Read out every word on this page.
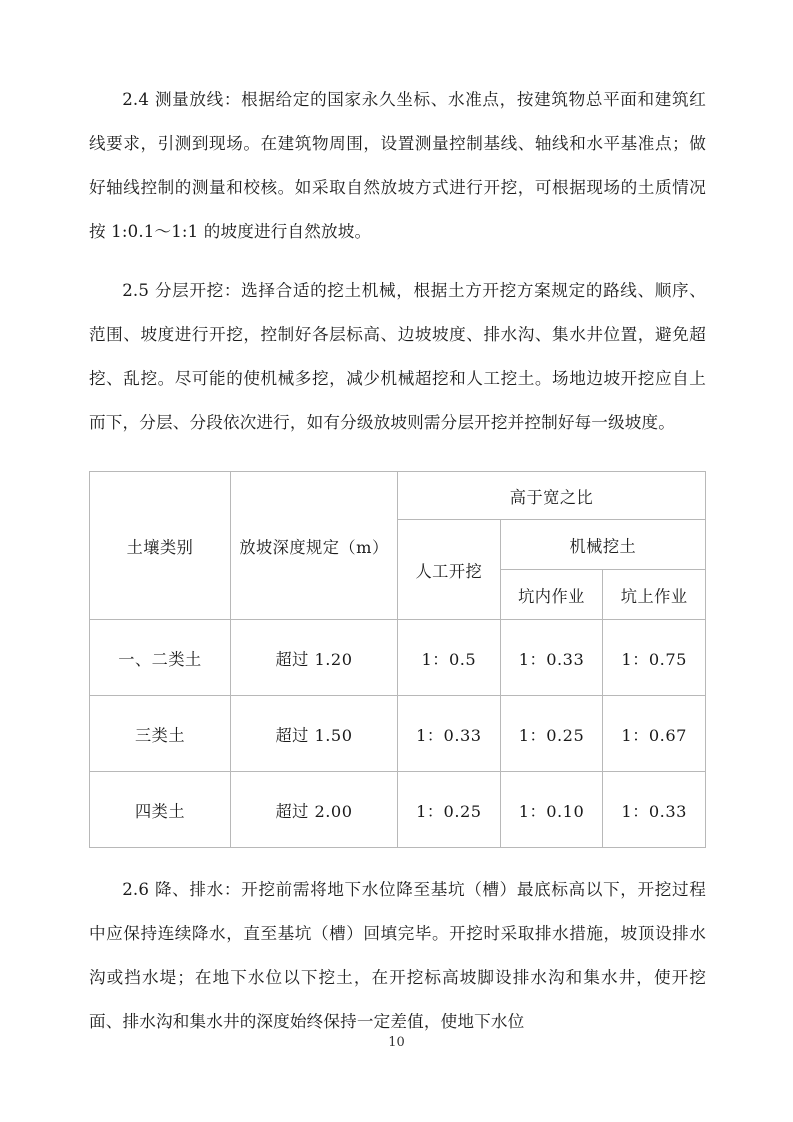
2.4 测量放线：根据给定的国家永久坐标、水准点，按建筑物总平面和建筑红线要求，引测到现场。在建筑物周围，设置测量控制基线、轴线和水平基准点；做好轴线控制的测量和校核。如采取自然放坡方式进行开挖，可根据现场的土质情况按 1:0.1～1:1 的坡度进行自然放坡。

2.5 分层开挖：选择合适的挖土机械，根据土方开挖方案规定的路线、顺序、范围、坡度进行开挖，控制好各层标高、边坡坡度、排水沟、集水井位置，避免超挖、乱挖。尽可能的使机械多挖，减少机械超挖和人工挖土。场地边坡开挖应自上而下，分层、分段依次进行，如有分级放坡则需分层开挖并控制好每一级坡度。

土壤类别	放坡深度规定（m）	高于宽之比		
		人工开挖	机械挖土	
			坑内作业	坑上作业
一、二类土	超过 1.20	1：0.5	1：0.33	1：0.75
三类土	超过 1.50	1：0.33	1：0.25	1：0.67
四类土	超过 2.00	1：0.25	1：0.10	1：0.33

2.6 降、排水：开挖前需将地下水位降至基坑（槽）最底标高以下，开挖过程中应保持连续降水，直至基坑（槽）回填完毕。开挖时采取排水措施，坡顶设排水沟或挡水堤；在地下水位以下挖土，在开挖标高坡脚设排水沟和集水井，使开挖面、排水沟和集水井的深度始终保持一定差值，使地下水位

10
